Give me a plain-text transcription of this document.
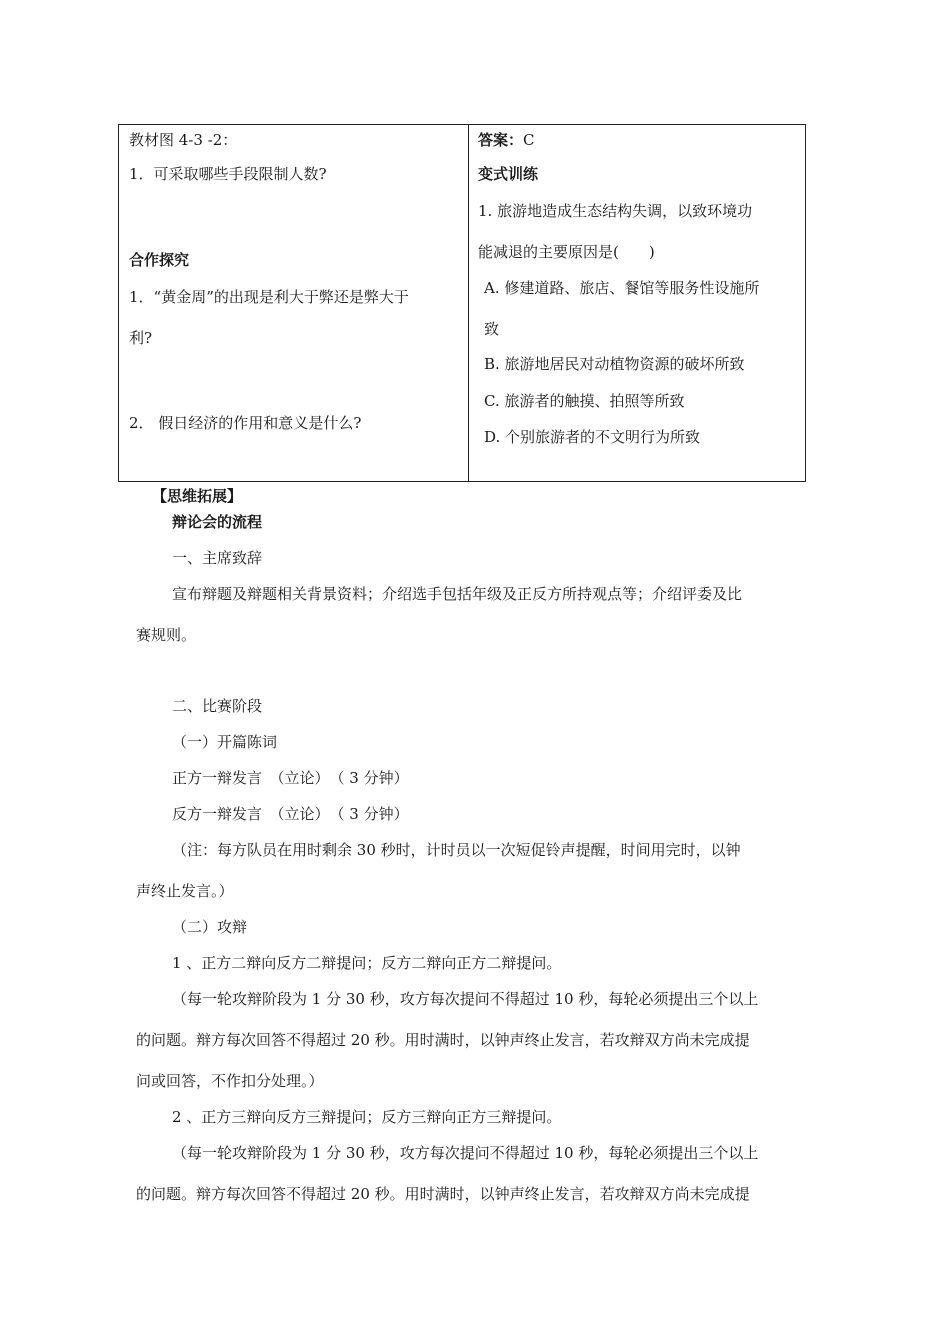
教材图 4-3 -2：
1．可采取哪些手段限制人数?
合作探究
1．“黄金周”的出现是利大于弊还是弊大于
利?
2． 假日经济的作用和意义是什么?
答案：C
变式训练
1. 旅游地造成生态结构失调，以致环境功
能减退的主要原因是(　　)
A. 修建道路、旅店、餐馆等服务性设施所
致
B. 旅游地居民对动植物资源的破坏所致
C. 旅游者的触摸、拍照等所致
D. 个别旅游者的不文明行为所致
【思维拓展】
辩论会的流程
一、主席致辞
宣布辩题及辩题相关背景资料；介绍选手包括年级及正反方所持观点等；介绍评委及比
赛规则。
二、比赛阶段
（一）开篇陈词
正方一辩发言　（立论）　（ 3 分钟）
反方一辩发言　（立论）　（ 3 分钟）
（注：每方队员在用时剩余 30 秒时，计时员以一次短促铃声提醒，时间用完时，以钟
声终止发言。）
（二）攻辩
1 、正方二辩向反方二辩提问；反方二辩向正方二辩提问。
（每一轮攻辩阶段为 1 分 30 秒，攻方每次提问不得超过 10 秒，每轮必须提出三个以上
的问题。辩方每次回答不得超过 20 秒。用时满时，以钟声终止发言，若攻辩双方尚未完成提
问或回答，不作扣分处理。）
2 、正方三辩向反方三辩提问；反方三辩向正方三辩提问。
（每一轮攻辩阶段为 1 分 30 秒，攻方每次提问不得超过 10 秒，每轮必须提出三个以上
的问题。辩方每次回答不得超过 20 秒。用时满时，以钟声终止发言，若攻辩双方尚未完成提
